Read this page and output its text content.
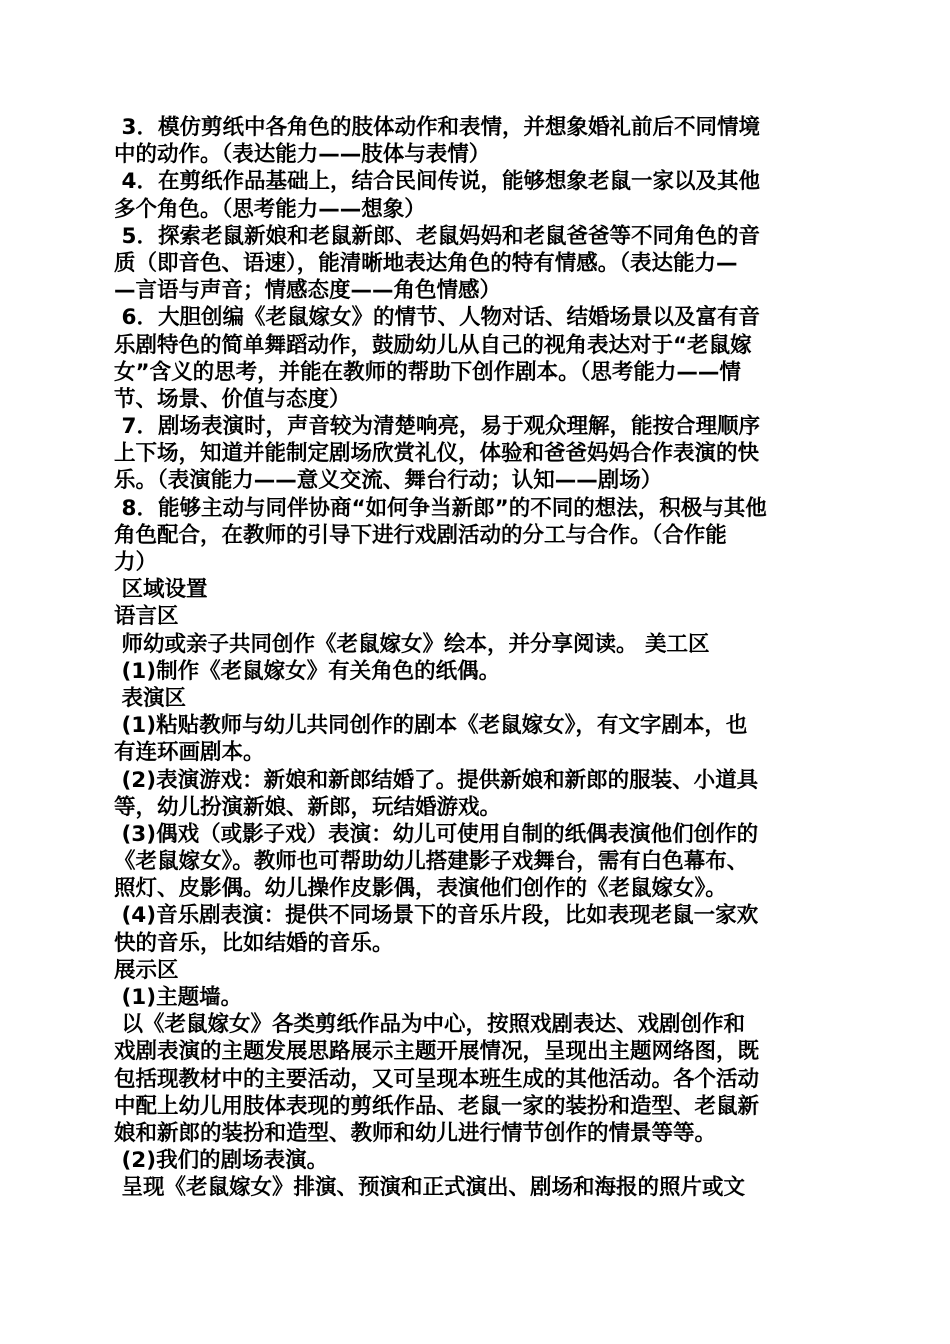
3．模仿剪纸中各角色的肢体动作和表情，并想象婚礼前后不同情境
中的动作。（表达能力——肢体与表情）
4．在剪纸作品基础上，结合民间传说，能够想象老鼠一家以及其他
多个角色。（思考能力——想象）
5．探索老鼠新娘和老鼠新郎、老鼠妈妈和老鼠爸爸等不同角色的音
质（即音色、语速），能清晰地表达角色的特有情感。（表达能力—
—言语与声音；情感态度——角色情感）
6．大胆创编《老鼠嫁女》的情节、人物对话、结婚场景以及富有音
乐剧特色的简单舞蹈动作，鼓励幼儿从自己的视角表达对于“老鼠嫁
女”含义的思考，并能在教师的帮助下创作剧本。（思考能力——情
节、场景、价值与态度）
7．剧场表演时，声音较为清楚响亮，易于观众理解，能按合理顺序
上下场，知道并能制定剧场欣赏礼仪，体验和爸爸妈妈合作表演的快
乐。（表演能力——意义交流、舞台行动；认知——剧场）
8．能够主动与同伴协商“如何争当新郎”的不同的想法，积极与其他
角色配合，在教师的引导下进行戏剧活动的分工与合作。（合作能
力）
区域设置
语言区
师幼或亲子共同创作《老鼠嫁女》绘本，并分享阅读。 美工区
(1)制作《老鼠嫁女》有关角色的纸偶。
表演区
(1)粘贴教师与幼儿共同创作的剧本《老鼠嫁女》，有文字剧本，也
有连环画剧本。
(2)表演游戏：新娘和新郎结婚了。提供新娘和新郎的服装、小道具
等，幼儿扮演新娘、新郎，玩结婚游戏。
(3)偶戏（或影子戏）表演：幼儿可使用自制的纸偶表演他们创作的
《老鼠嫁女》。教师也可帮助幼儿搭建影子戏舞台，需有白色幕布、
照灯、皮影偶。幼儿操作皮影偶，表演他们创作的《老鼠嫁女》。
(4)音乐剧表演：提供不同场景下的音乐片段，比如表现老鼠一家欢
快的音乐，比如结婚的音乐。
展示区
(1)主题墙。
以《老鼠嫁女》各类剪纸作品为中心，按照戏剧表达、戏剧创作和
戏剧表演的主题发展思路展示主题开展情况，呈现出主题网络图，既
包括现教材中的主要活动，又可呈现本班生成的其他活动。各个活动
中配上幼儿用肢体表现的剪纸作品、老鼠一家的装扮和造型、老鼠新
娘和新郎的装扮和造型、教师和幼儿进行情节创作的情景等等。
(2)我们的剧场表演。
呈现《老鼠嫁女》排演、预演和正式演出、剧场和海报的照片或文
